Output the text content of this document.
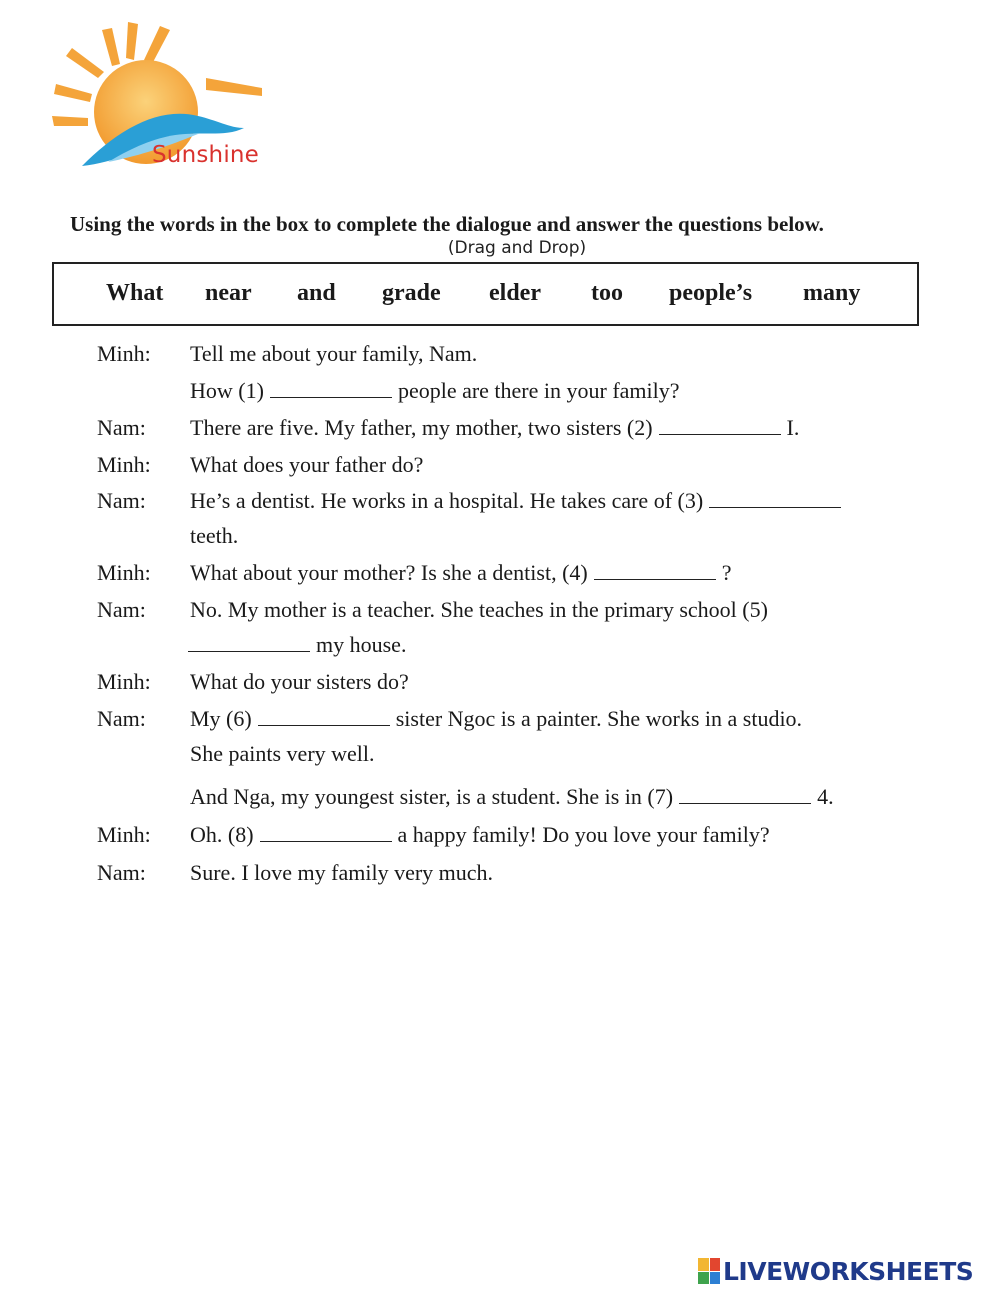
Sunshine
Using the words in the box to complete the dialogue and answer the questions below.
(Drag and Drop)
What near and grade elder too people’s many
Minh: Tell me about your family, Nam.
How (1)	people are there in your family?
Nam: There are five. My father, my mother, two sisters (2)	I.
Minh: What does your father do?
Nam: He’s a dentist. He works in a hospital. He takes care of (3)
teeth.
Minh: What about your mother? Is she a dentist, (4)	?
Nam: No. My mother is a teacher. She teaches in the primary school (5)
my house.
Minh: What do your sisters do?
Nam: My (6)	sister Ngoc is a painter. She works in a studio.
She paints very well.
And Nga, my youngest sister, is a student. She is in (7)	4.
Minh: Oh. (8)	a happy family! Do you love your family?
Nam: Sure. I love my family very much.
LIVEWORKSHEETS
